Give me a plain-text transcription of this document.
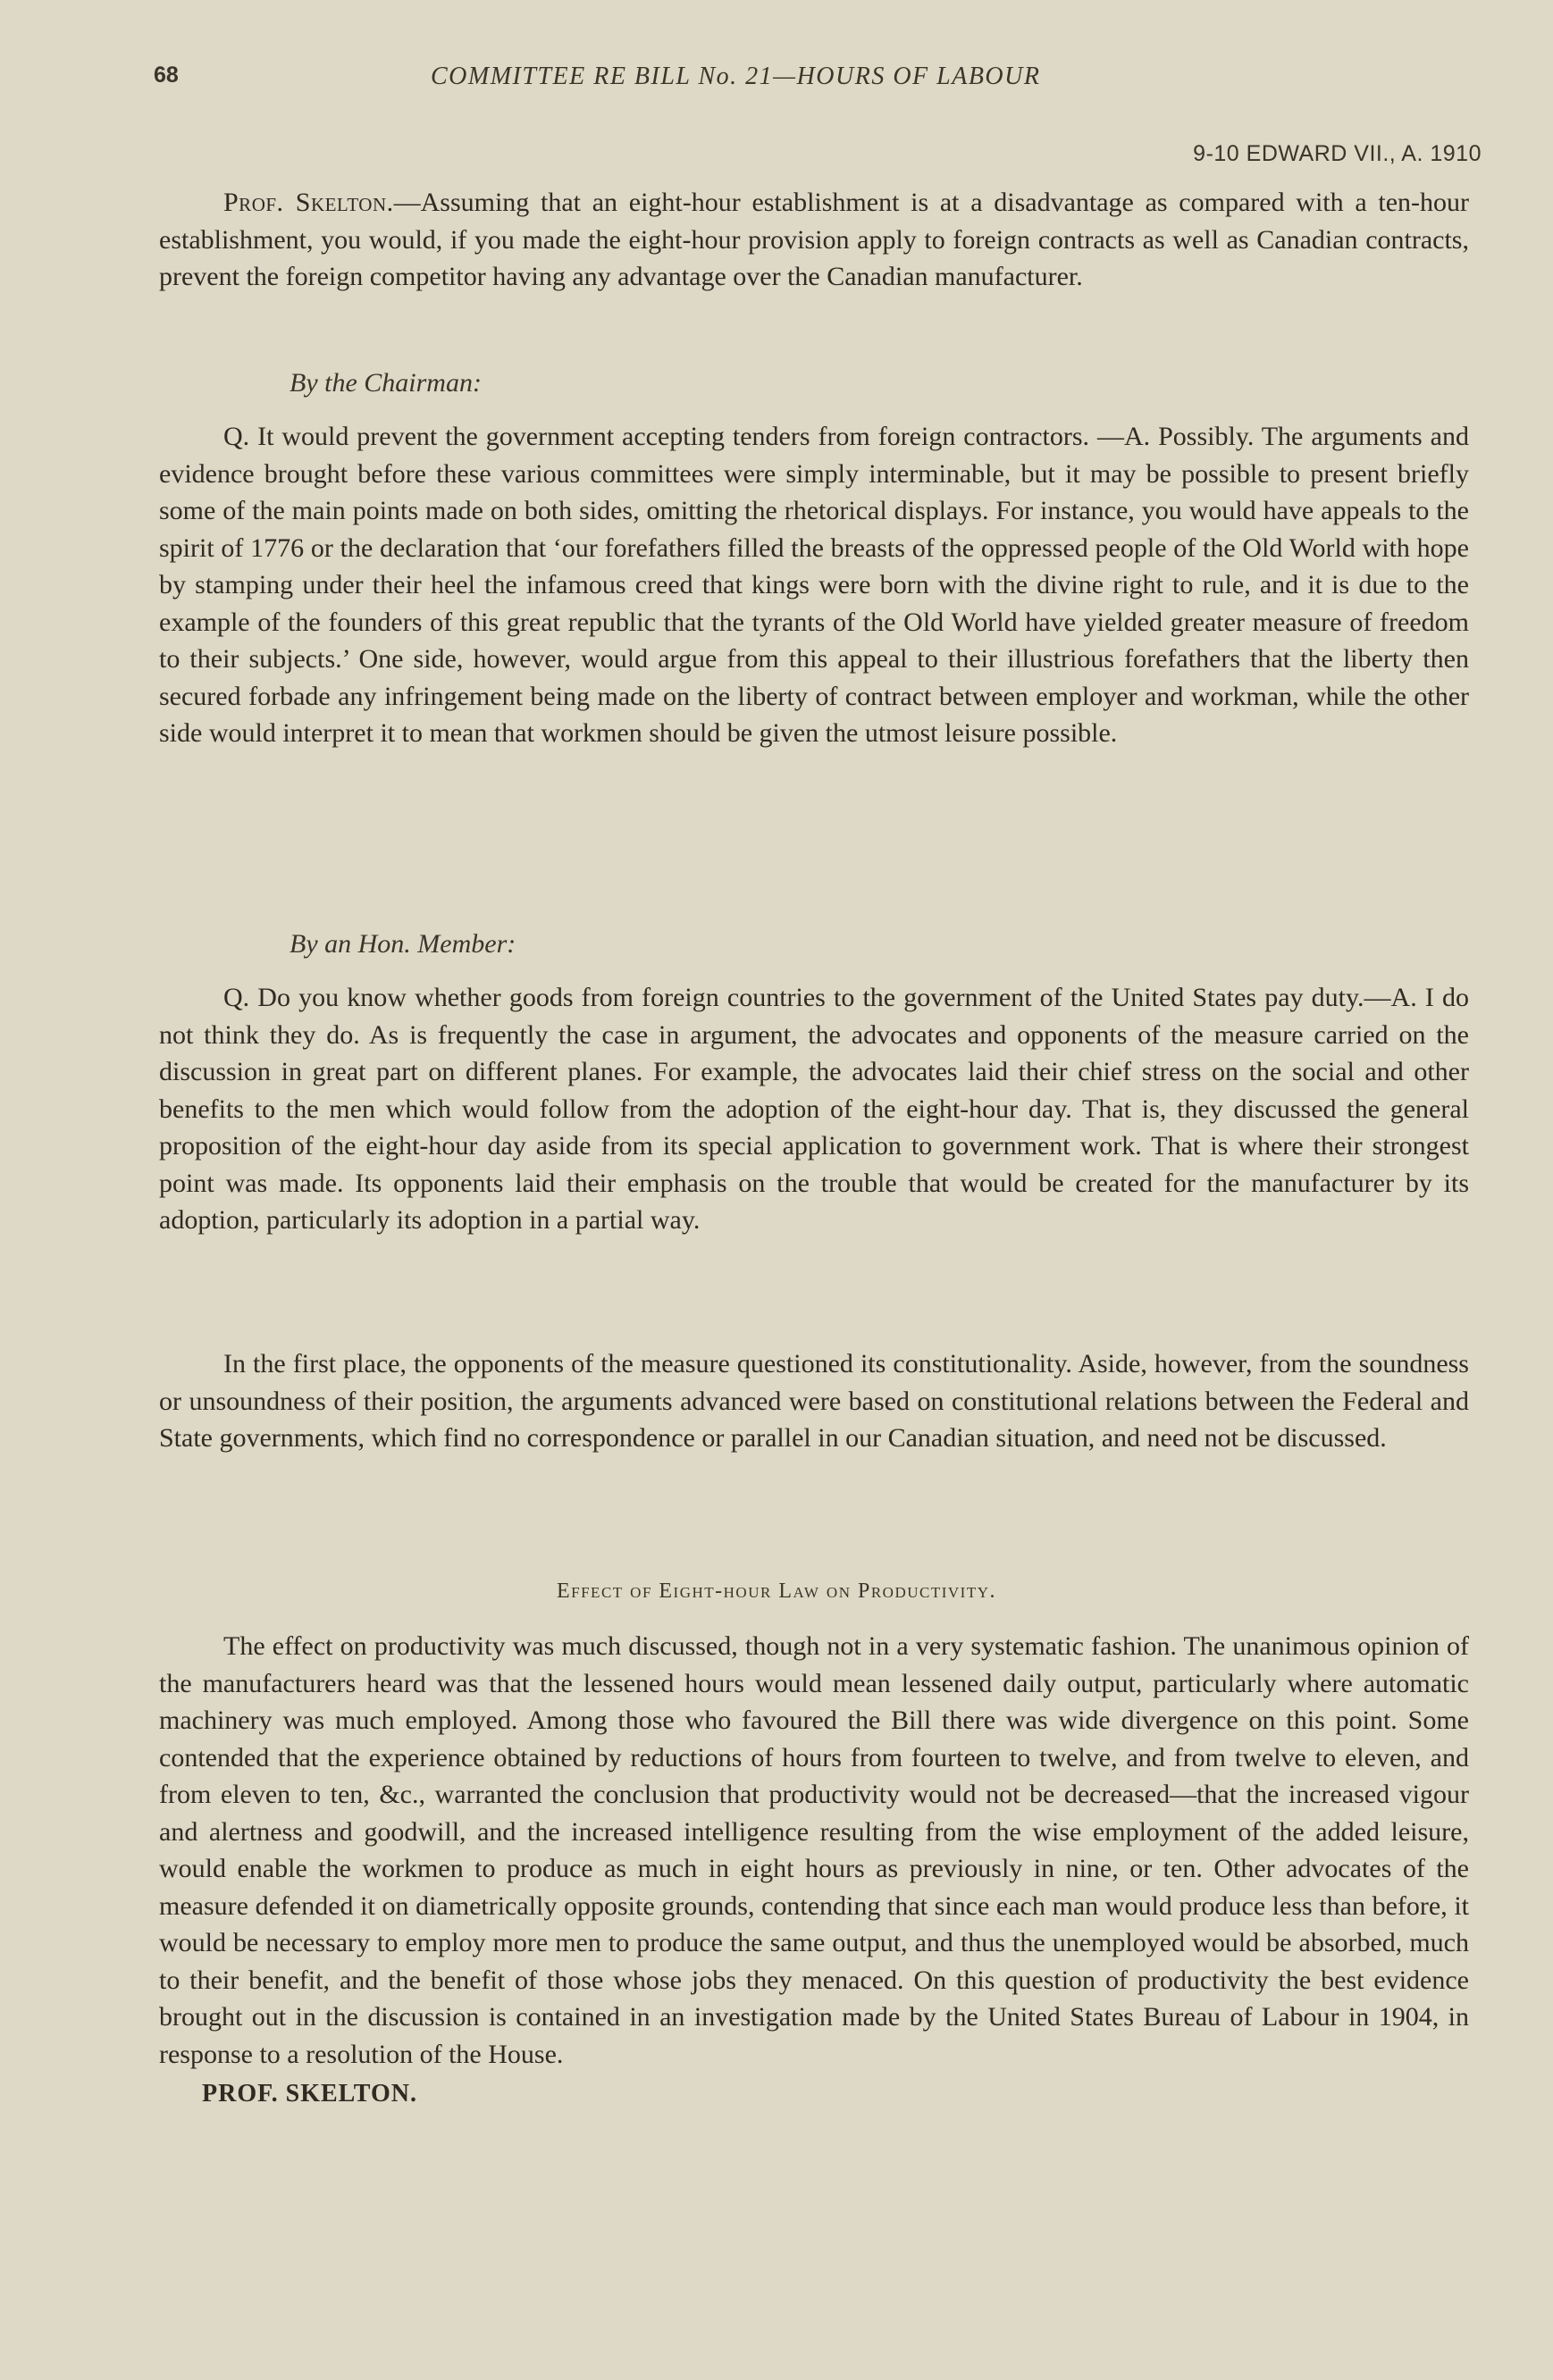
68	COMMITTEE RE BILL No. 21—HOURS OF LABOUR
9-10 EDWARD VII., A. 1910

Prof. Skelton.—Assuming that an eight-hour establishment is at a disadvantage as compared with a ten-hour establishment, you would, if you made the eight-hour provision apply to foreign contracts as well as Canadian contracts, prevent the foreign competitor having any advantage over the Canadian manufacturer.

By the Chairman:

Q. It would prevent the government accepting tenders from foreign contractors. —A. Possibly. The arguments and evidence brought before these various committees were simply interminable, but it may be possible to present briefly some of the main points made on both sides, omitting the rhetorical displays. For instance, you would have appeals to the spirit of 1776 or the declaration that ‘our forefathers filled the breasts of the oppressed people of the Old World with hope by stamping under their heel the infamous creed that kings were born with the divine right to rule, and it is due to the example of the founders of this great republic that the tyrants of the Old World have yielded greater measure of freedom to their subjects.’ One side, however, would argue from this appeal to their illustrious forefathers that the liberty then secured forbade any infringement being made on the liberty of contract between employer and workman, while the other side would interpret it to mean that workmen should be given the utmost leisure possible.

By an Hon. Member:

Q. Do you know whether goods from foreign countries to the government of the United States pay duty.—A. I do not think they do. As is frequently the case in argument, the advocates and opponents of the measure carried on the discussion in great part on different planes. For example, the advocates laid their chief stress on the social and other benefits to the men which would follow from the adoption of the eight-hour day. That is, they discussed the general proposition of the eight-hour day aside from its special application to government work. That is where their strongest point was made. Its opponents laid their emphasis on the trouble that would be created for the manufacturer by its adoption, particularly its adoption in a partial way.

In the first place, the opponents of the measure questioned its constitutionality. Aside, however, from the soundness or unsoundness of their position, the arguments advanced were based on constitutional relations between the Federal and State governments, which find no correspondence or parallel in our Canadian situation, and need not be discussed.

Effect of Eight-hour Law on Productivity.

The effect on productivity was much discussed, though not in a very systematic fashion. The unanimous opinion of the manufacturers heard was that the lessened hours would mean lessened daily output, particularly where automatic machinery was much employed. Among those who favoured the Bill there was wide divergence on this point. Some contended that the experience obtained by reductions of hours from fourteen to twelve, and from twelve to eleven, and from eleven to ten, &c., warranted the conclusion that productivity would not be decreased—that the increased vigour and alertness and goodwill, and the increased intelligence resulting from the wise employment of the added leisure, would enable the workmen to produce as much in eight hours as previously in nine, or ten. Other advocates of the measure defended it on diametrically opposite grounds, contending that since each man would produce less than before, it would be necessary to employ more men to produce the same output, and thus the unemployed would be absorbed, much to their benefit, and the benefit of those whose jobs they menaced. On this question of productivity the best evidence brought out in the discussion is contained in an investigation made by the United States Bureau of Labour in 1904, in response to a resolution of the House.

PROF. SKELTON.
